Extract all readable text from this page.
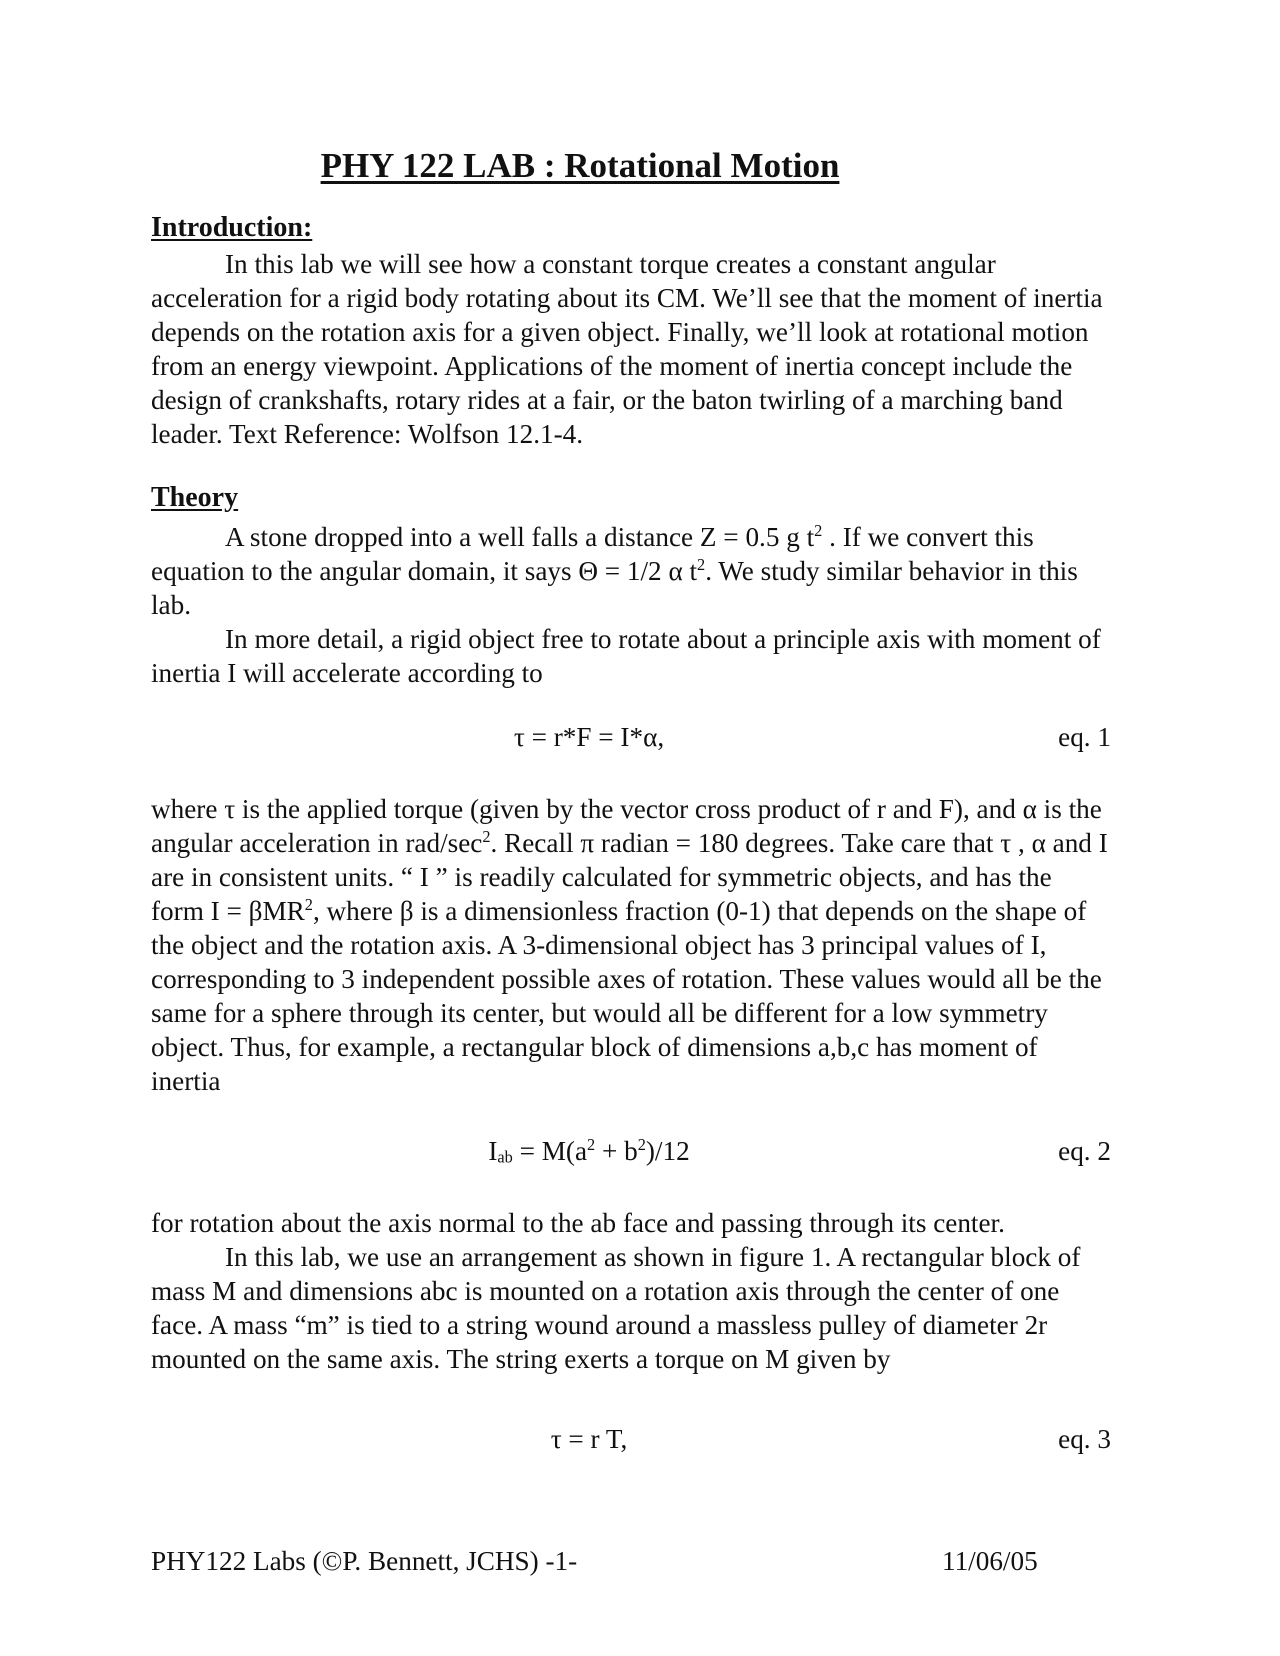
PHY 122 LAB : Rotational Motion
Introduction:

In this lab we will see how a constant torque creates a constant angular acceleration for a rigid body rotating about its CM. We’ll see that the moment of inertia depends on the rotation axis for a given object. Finally, we’ll look at rotational motion from an energy viewpoint. Applications of the moment of inertia concept include the design of crankshafts, rotary rides at a fair, or the baton twirling of a marching band leader. Text Reference: Wolfson 12.1-4.

Theory

A stone dropped into a well falls a distance Z = 0.5 g $t^2$ . If we convert this equation to the angular domain, it says Θ = 1/2 α $t^2$. We study similar behavior in this lab.

In more detail, a rigid object free to rotate about a principle axis with moment of inertia I will accelerate according to

τ = r*F = I*α,	eq. 1

where τ is the applied torque (given by the vector cross product of r and F), and α is the angular acceleration in rad/$\sec^2$. Recall π radian = 180 degrees. Take care that τ , α and I are in consistent units. “ I ” is readily calculated for symmetric objects, and has the form I = βMR$^2$, where β is a dimensionless fraction (0-1) that depends on the shape of the object and the rotation axis. A 3-dimensional object has 3 principal values of I, corresponding to 3 independent possible axes of rotation. These values would all be the same for a sphere through its center, but would all be different for a low symmetry object. Thus, for example, a rectangular block of dimensions a,b,c has moment of inertia

$I_{ab} = M(a^2 + b^2)/12$	eq. 2

for rotation about the axis normal to the ab face and passing through its center.

In this lab, we use an arrangement as shown in figure 1. A rectangular block of mass M and dimensions abc is mounted on a rotation axis through the center of one face. A mass “m” is tied to a string wound around a massless pulley of diameter 2r mounted on the same axis. The string exerts a torque on M given by

τ = r T,	eq. 3
PHY122 Labs (©P. Bennett, JCHS) -1-	11/06/05
